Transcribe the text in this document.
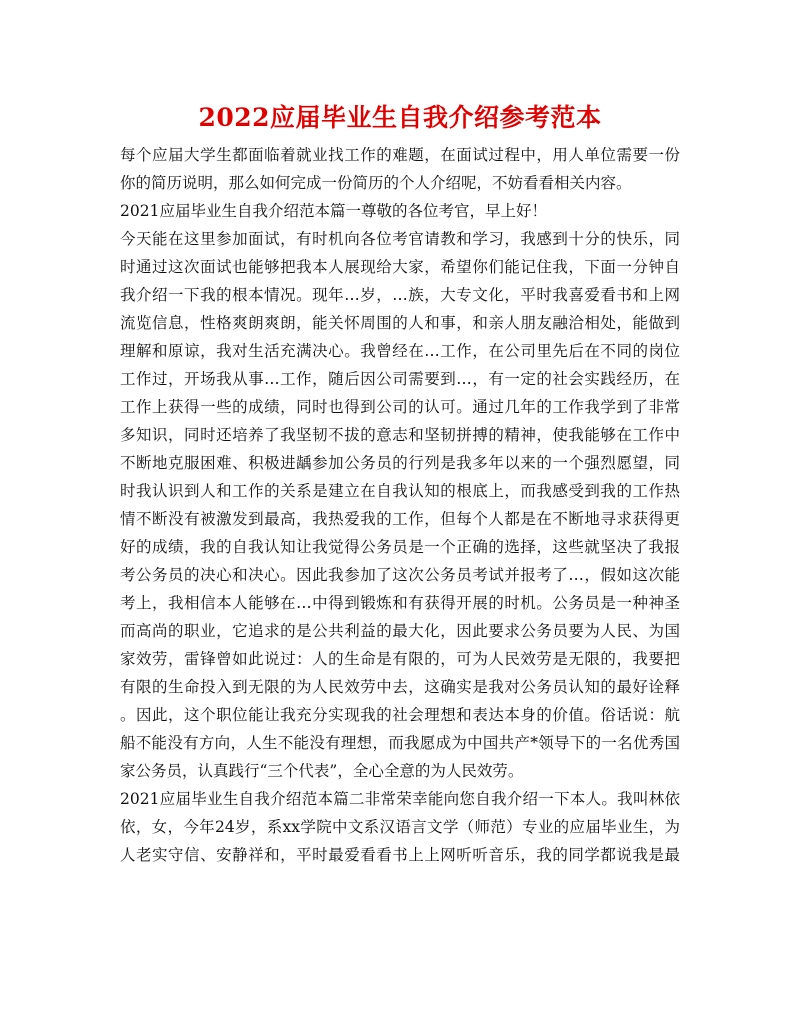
2022应届毕业生自我介绍参考范本
每个应届大学生都面临着就业找工作的难题，在面试过程中，用人单位需要一份
你的简历说明，那么如何完成一份简历的个人介绍呢，不妨看看相关内容。
2021应届毕业生自我介绍范本篇一尊敬的各位考官，早上好！
今天能在这里参加面试，有时机向各位考官请教和学习，我感到十分的快乐，同
时通过这次面试也能够把我本人展现给大家，希望你们能记住我，下面一分钟自
我介绍一下我的根本情况。现年…岁，…族，大专文化，平时我喜爱看书和上网
流览信息，性格爽朗爽朗，能关怀周围的人和事，和亲人朋友融洽相处，能做到
理解和原谅，我对生活充满决心。我曾经在…工作，在公司里先后在不同的岗位
工作过，开场我从事…工作，随后因公司需要到…，有一定的社会实践经历，在
工作上获得一些的成绩，同时也得到公司的认可。通过几年的工作我学到了非常
多知识，同时还培养了我坚韧不拔的意志和坚韧拼搏的精神，使我能够在工作中
不断地克服困难、积极进龋参加公务员的行列是我多年以来的一个强烈愿望，同
时我认识到人和工作的关系是建立在自我认知的根底上，而我感受到我的工作热
情不断没有被激发到最高，我热爱我的工作，但每个人都是在不断地寻求获得更
好的成绩，我的自我认知让我觉得公务员是一个正确的选择，这些就坚决了我报
考公务员的决心和决心。因此我参加了这次公务员考试并报考了…，假如这次能
考上，我相信本人能够在…中得到锻炼和有获得开展的时机。公务员是一种神圣
而高尚的职业，它追求的是公共利益的最大化，因此要求公务员要为人民、为国
家效劳，雷锋曾如此说过：人的生命是有限的，可为人民效劳是无限的，我要把
有限的生命投入到无限的为人民效劳中去，这确实是我对公务员认知的最好诠释
。因此，这个职位能让我充分实现我的社会理想和表达本身的价值。俗话说：航
船不能没有方向，人生不能没有理想，而我愿成为中国共产*领导下的一名优秀国
家公务员，认真践行“三个代表”，全心全意的为人民效劳。
2021应届毕业生自我介绍范本篇二非常荣幸能向您自我介绍一下本人。我叫林依
依，女，今年24岁，系xx学院中文系汉语言文学（师范）专业的应届毕业生，为
人老实守信、安静祥和，平时最爱看看书上上网听听音乐，我的同学都说我是最
